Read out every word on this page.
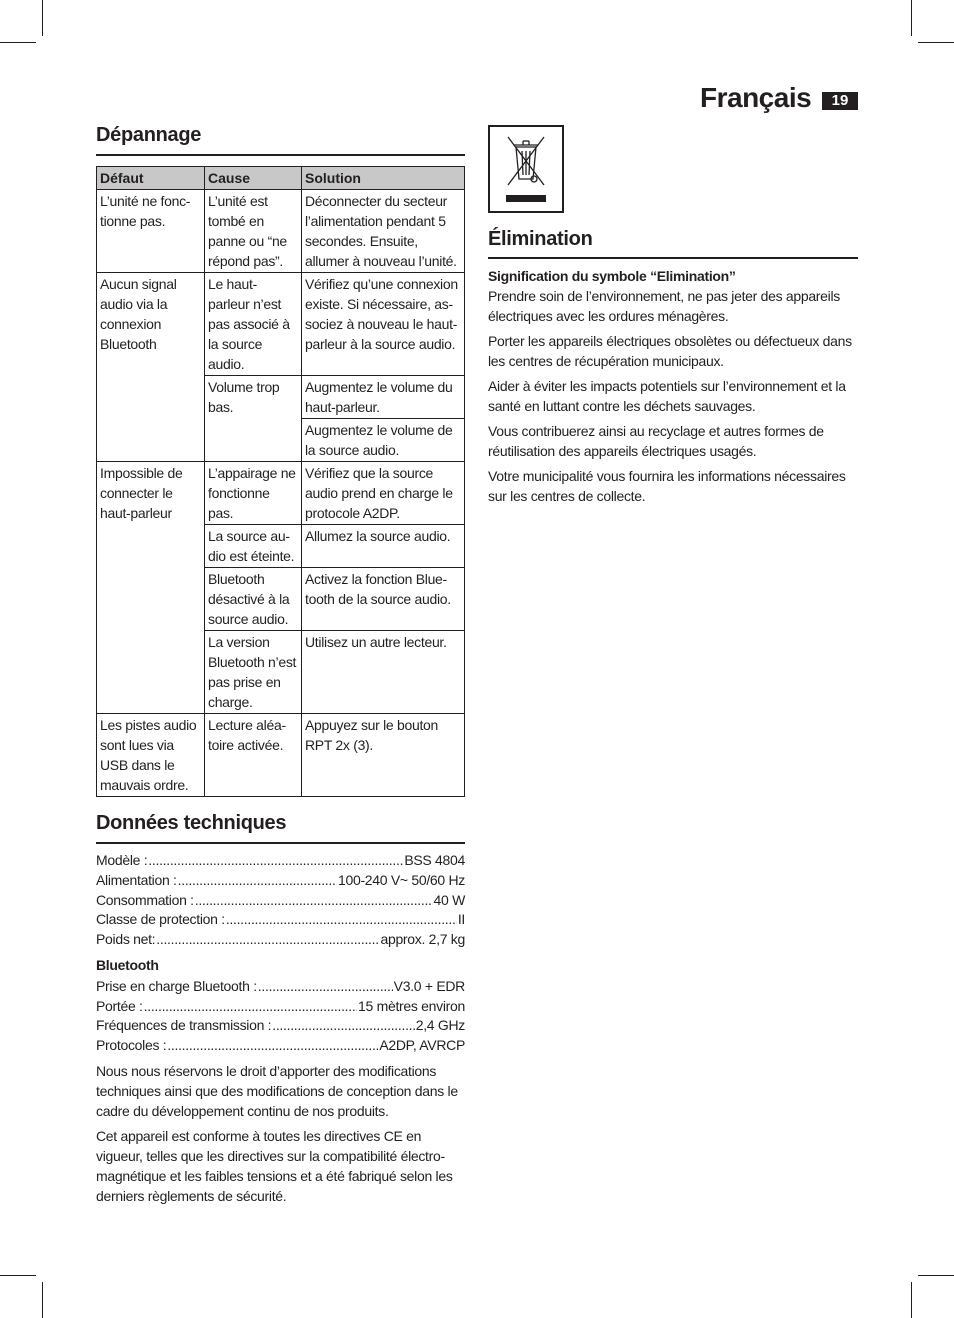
Français	19
Dépannage
Défaut	Cause	Solution
L’unité ne fonctionne pas.	L’unité est tombé en panne ou “ne répond pas”.	Déconnecter du secteur l’alimentation pendant 5 secondes. Ensuite, allumer à nouveau l’unité.
Aucun signal audio via la connexion Bluetooth	Le haut-parleur n’est pas associé à la source audio.	Vérifiez qu’une connexion existe. Si nécessaire, associez à nouveau le haut-parleur à la source audio.
	Volume trop bas.	Augmentez le volume du haut-parleur.
		Augmentez le volume de la source audio.
Impossible de connecter le haut-parleur	L’appairage ne fonctionne pas.	Vérifiez que la source audio prend en charge le protocole A2DP.
	La source audio est éteinte.	Allumez la source audio.
	Bluetooth désactivé à la source audio.	Activez la fonction Bluetooth de la source audio.
	La version Bluetooth n’est pas prise en charge.	Utilisez un autre lecteur.
Les pistes audio sont lues via USB dans le mauvais ordre.	Lecture aléatoire activée.	Appuyez sur le bouton RPT 2x (3).
Données techniques
Modèle : .....	BSS 4804
Alimentation : .....	100-240 V~ 50/60 Hz
Consommation : .....	40 W
Classe de protection : .....	II
Poids net: .....	approx. 2,7 kg
Bluetooth
Prise en charge Bluetooth : .....	V3.0 + EDR
Portée : .....	15 mètres environ
Fréquences de transmission : .....	2,4 GHz
Protocoles : .....	A2DP, AVRCP
Nous nous réservons le droit d’apporter des modifications techniques ainsi que des modifications de conception dans le cadre du développement continu de nos produits.
Cet appareil est conforme à toutes les directives CE en vigueur, telles que les directives sur la compatibilité électromagnétique et les faibles tensions et a été fabriqué selon les derniers règlements de sécurité.
Élimination
Signification du symbole “Elimination”

Prendre soin de l’environnement, ne pas jeter des appareils électriques avec les ordures ménagères.

Porter les appareils électriques obsolètes ou défectueux dans les centres de récupération municipaux.

Aider à éviter les impacts potentiels sur l’environnement et la santé en luttant contre les déchets sauvages.

Vous contribuerez ainsi au recyclage et autres formes de réutilisation des appareils électriques usagés.

Votre municipalité vous fournira les informations nécessaires sur les centres de collecte.
